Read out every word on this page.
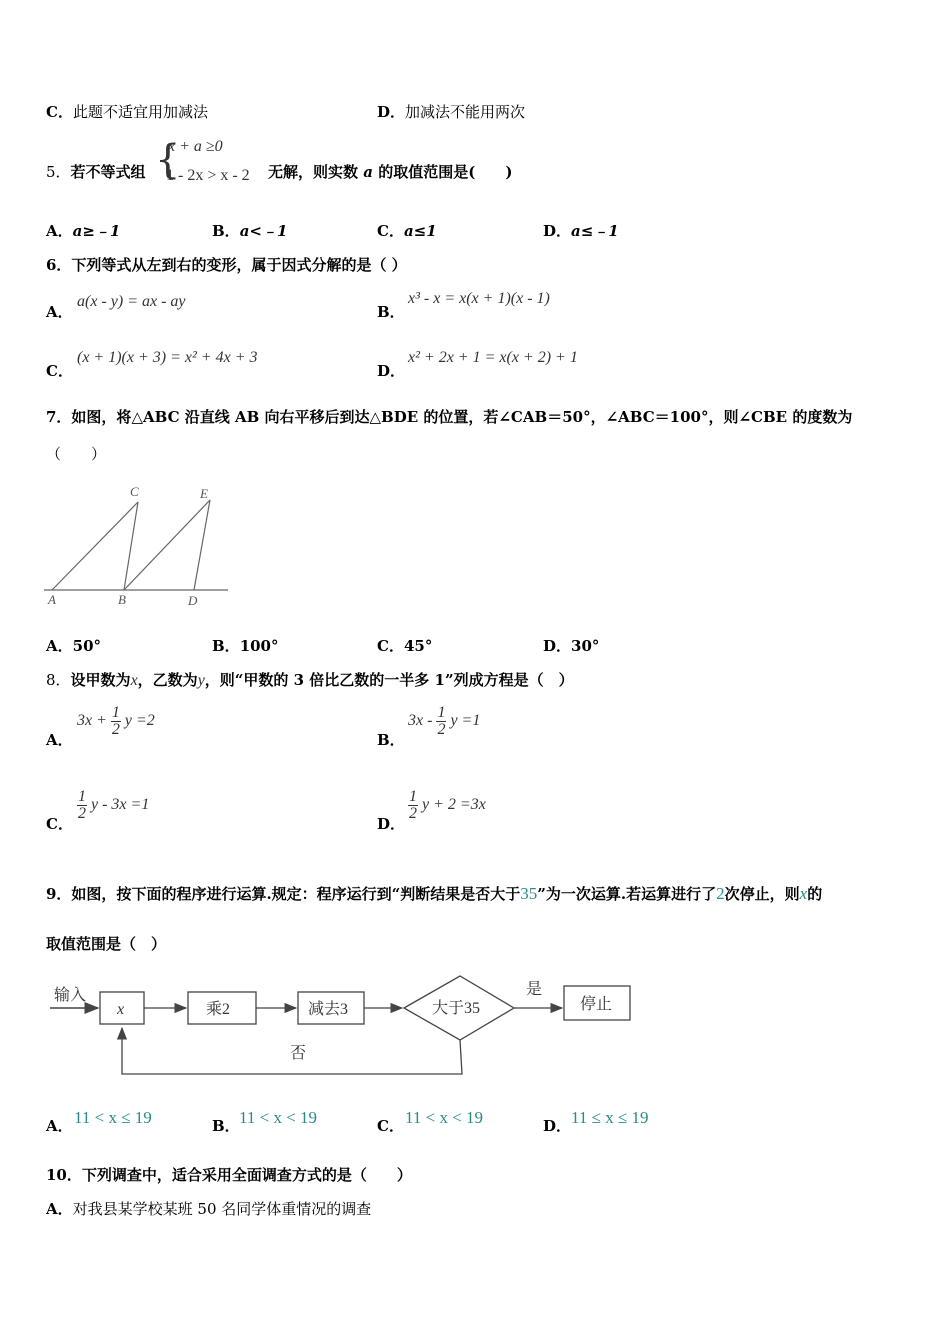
C．此题不适宜用加减法	D．加减法不能用两次
5．若不等式组 {
x + a ≥0
1 - 2x > x - 2 无解，则实数 a 的取值范围是(　　)
A．a≥﹣1	B．a<﹣1	C．a≤1	D．a≤﹣1
6．下列等式从左到右的变形，属于因式分解的是（ ）
A．
a(x - y) = ax - ay
B．
x³ - x = x(x + 1)(x - 1)
C．
(x + 1)(x + 3) = x² + 4x + 3
D．
x² + 2x + 1 = x(x + 2) + 1
7．如图，将△ABC 沿直线 AB 向右平移后到达△BDE 的位置，若∠CAB＝50°，∠ABC＝100°，则∠CBE 的度数为
（　　）
C	E
A	B	D
A．50°	B．100°	C．45°	D．30°
8．设甲数为x，乙数为y，则“甲数的 3 倍比乙数的一半多 1”列成方程是（　）
A．
$3x + \frac{1}{2}$ y =2
B．
$3x - \frac{1}{2}$ y =1
C．
$\frac{1}{2}$ y - 3x =1
D．
$\frac{1}{2}$ y + 2 =3x
9．如图，按下面的程序进行运算.规定：程序运行到“判断结果是否大于35”为一次运算.若运算进行了2次停止，则x的
取值范围是（　）
输入
x	乘2	减去3	大于35
是
停止
否
A． 11 < x ≤ 19	B． 11 < x < 19	C． 11 < x < 19	D． 11 ≤ x ≤ 19
10．下列调查中，适合采用全面调查方式的是（　　）
A．对我县某学校某班 50 名同学体重情况的调查
